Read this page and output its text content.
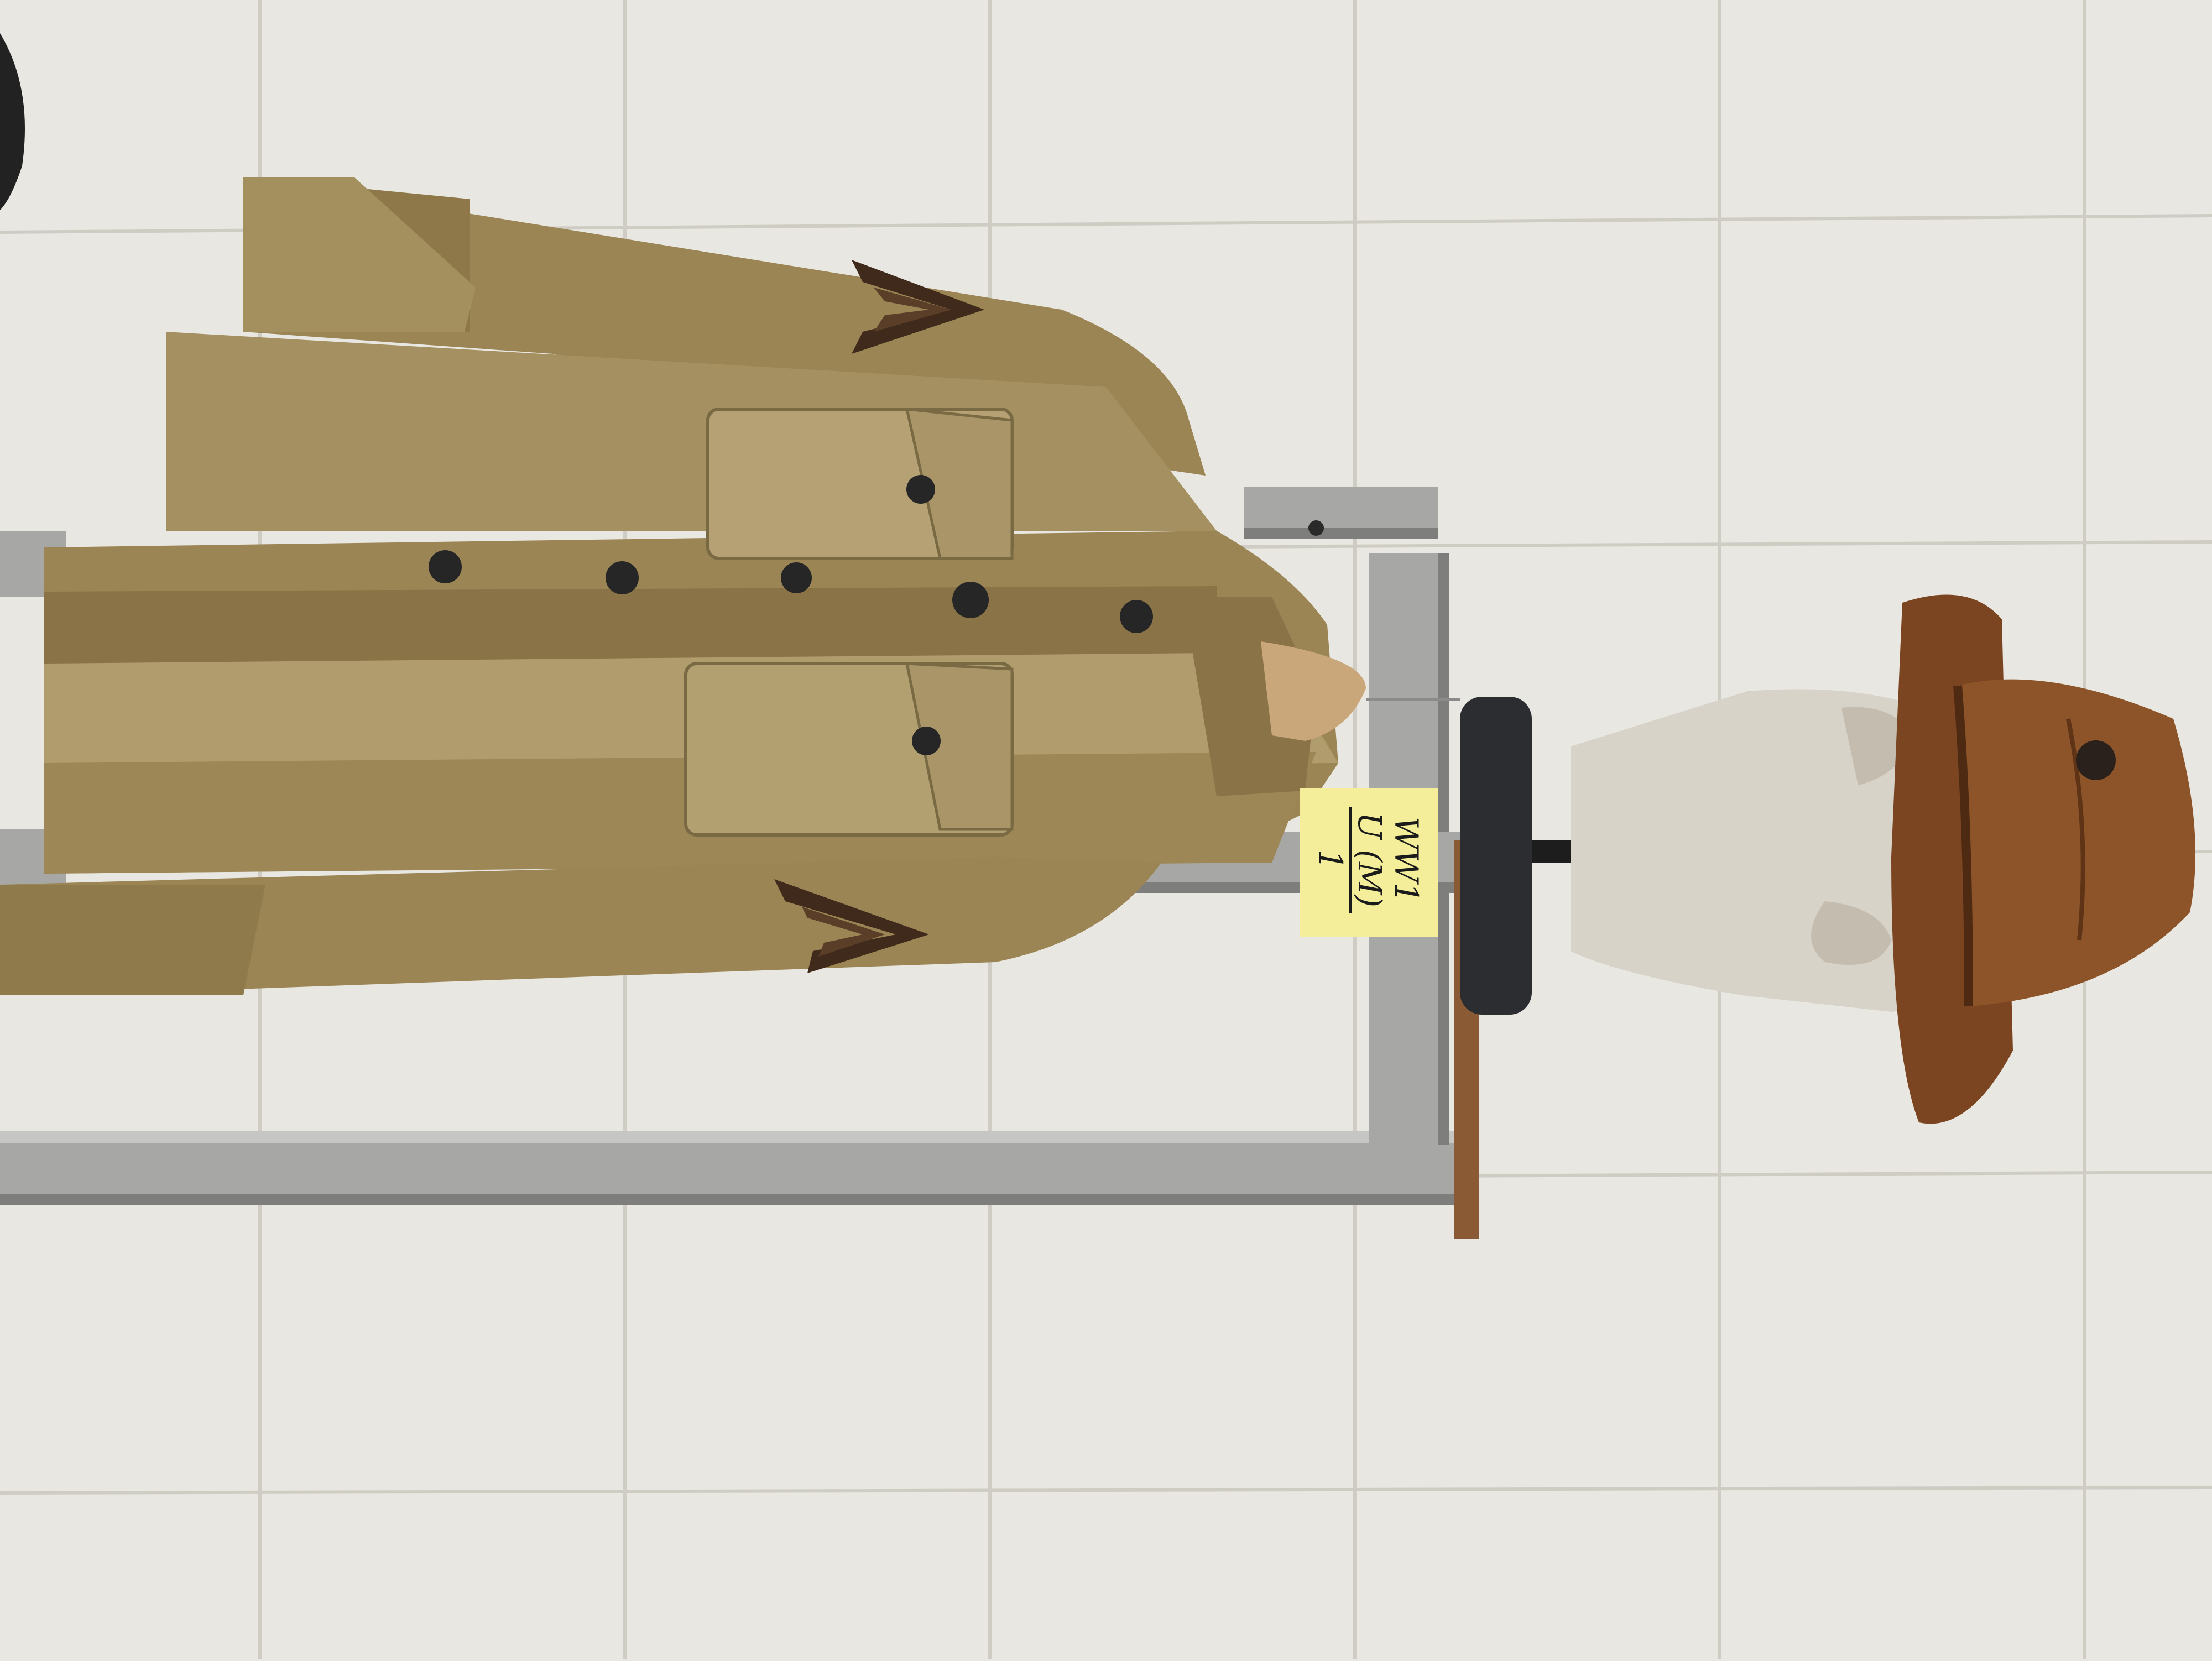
WW1
U (M)
1
